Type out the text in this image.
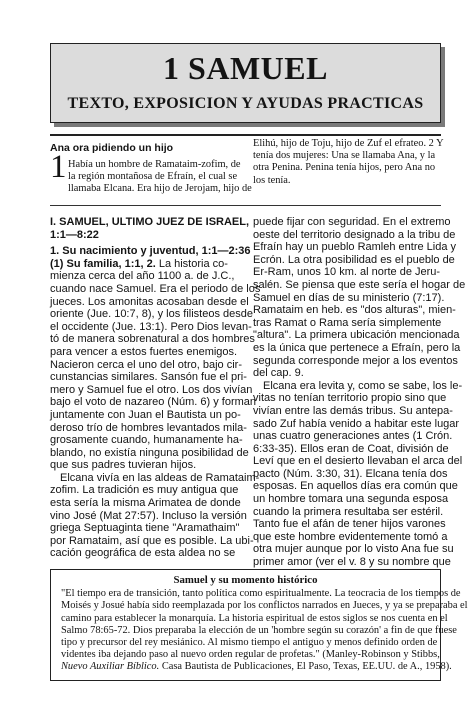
1 SAMUEL
TEXTO, EXPOSICION Y AYUDAS PRACTICAS
Ana ora pidiendo un hijo
1 Había un hombre de Ramataim-zofim, de
la región montañosa de Efraín, el cual se
llamaba Elcana. Era hijo de Jerojam, hijo de
Elihú, hijo de Toju, hijo de Zuf el efrateo. 2 Y
tenía dos mujeres: Una se llamaba Ana, y la
otra Penina. Penina tenía hijos, pero Ana no
los tenía.
I. SAMUEL, ULTIMO JUEZ DE ISRAEL,
1:1—8:22
1. Su nacimiento y juventud, 1:1—2:36
(1) Su familia, 1:1, 2. La historia co-
mienza cerca del año 1100 a. de J.C.,
cuando nace Samuel. Era el periodo de los
jueces. Los amonitas acosaban desde el
oriente (Jue. 10:7, 8), y los filisteos desde
el occidente (Jue. 13:1). Pero Dios levan-
tó de manera sobrenatural a dos hombres
para vencer a estos fuertes enemigos.
Nacieron cerca el uno del otro, bajo cir-
cunstancias similares. Sansón fue el pri-
mero y Samuel fue el otro. Los dos vivían
bajo el voto de nazareo (Núm. 6) y forman
juntamente con Juan el Bautista un po-
deroso trío de hombres levantados mila-
grosamente cuando, humanamente ha-
blando, no existía ninguna posibilidad de
que sus padres tuvieran hijos.
Elcana vivía en las aldeas de Ramataim-
zofim. La tradición es muy antigua que
esta sería la misma Arimatea de donde
vino José (Mat 27:57). Incluso la versión
griega Septuaginta tiene "Aramathaim"
por Ramataim, así que es posible. La ubi-
cación geográfica de esta aldea no se
puede fijar con seguridad. En el extremo
oeste del territorio designado a la tribu de
Efraín hay un pueblo Ramleh entre Lida y
Ecrón. La otra posibilidad es el pueblo de
Er-Ram, unos 10 km. al norte de Jeru-
salén. Se piensa que este sería el hogar de
Samuel en días de su ministerio (7:17).
Ramataim en heb. es "dos alturas", mien-
tras Ramat o Rama sería simplemente
"altura". La primera ubicación mencionada
es la única que pertenece a Efraín, pero la
segunda corresponde mejor a los eventos
del cap. 9.
Elcana era levita y, como se sabe, los le-
vitas no tenían territorio propio sino que
vivían entre las demás tribus. Su antepa-
sado Zuf había venido a habitar este lugar
unas cuatro generaciones antes (1 Crón.
6:33-35). Ellos eran de Coat, división de
Leví que en el desierto llevaban el arca del
pacto (Núm. 3:30, 31). Elcana tenía dos
esposas. En aquellos días era común que
un hombre tomara una segunda esposa
cuando la primera resultaba ser estéril.
Tanto fue el afán de tener hijos varones
que este hombre evidentemente tomó a
otra mujer aunque por lo visto Ana fue su
primer amor (ver el v. 8 y su nombre que
Samuel y su momento histórico
"El tiempo era de transición, tanto política como espiritualmente. La teocracia de los tiempos de
Moisés y Josué había sido reemplazada por los conflictos narrados en Jueces, y ya se preparaba el
camino para establecer la monarquía. La historia espiritual de estos siglos se nos cuenta en el
Salmo 78:65-72. Dios preparaba la elección de un 'hombre según su corazón' a fin de que fuese
tipo y precursor del rey mesiánico. Al mismo tiempo el antiguo y menos definido orden de
videntes iba dejando paso al nuevo orden regular de profetas." (Manley-Robinson y Stibbs,
Nuevo Auxiliar Bíblico. Casa Bautista de Publicaciones, El Paso, Texas, EE.UU. de A., 1958).
